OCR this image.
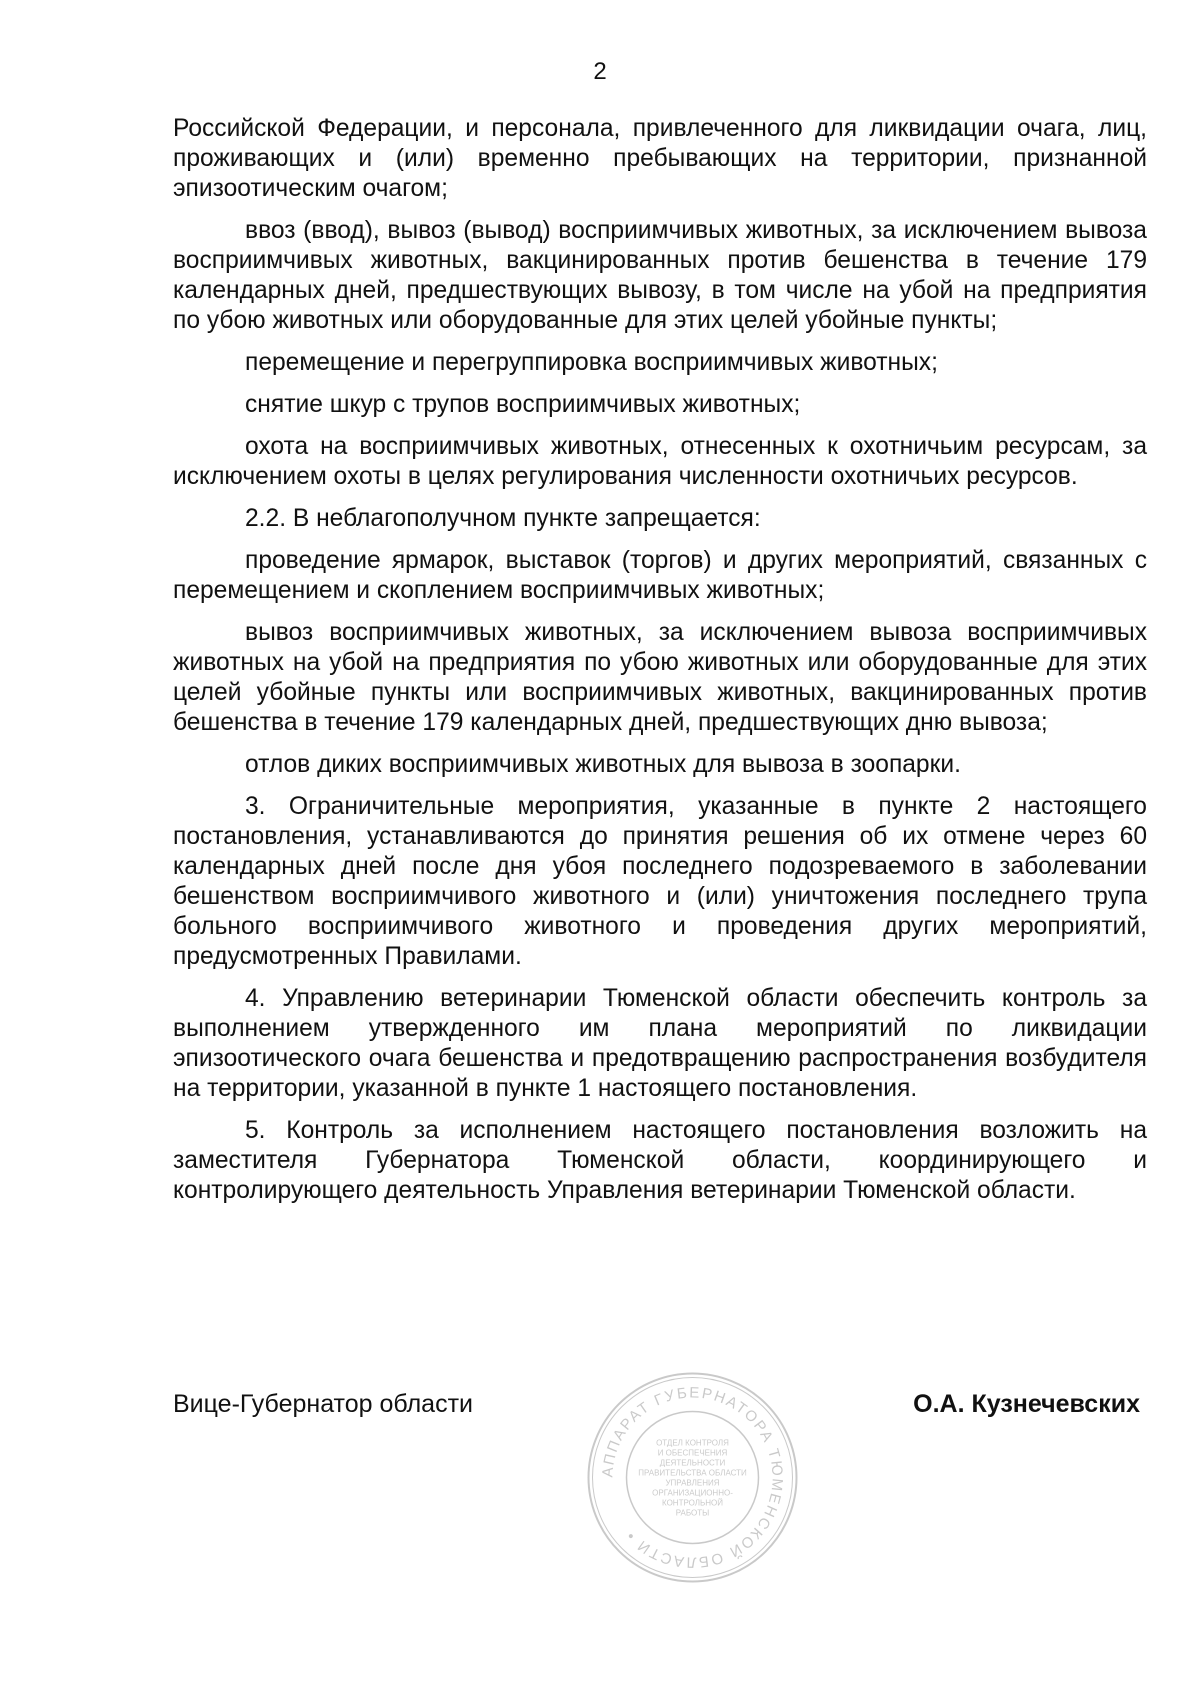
2

Российской Федерации, и персонала, привлеченного для ликвидации очага, лиц, проживающих и (или) временно пребывающих на территории, признанной эпизоотическим очагом;

ввоз (ввод), вывоз (вывод) восприимчивых животных, за исключением вывоза восприимчивых животных, вакцинированных против бешенства в течение 179 календарных дней, предшествующих вывозу, в том числе на убой на предприятия по убою животных или оборудованные для этих целей убойные пункты;

перемещение и перегруппировка восприимчивых животных;

снятие шкур с трупов восприимчивых животных;

охота на восприимчивых животных, отнесенных к охотничьим ресурсам, за исключением охоты в целях регулирования численности охотничьих ресурсов.

2.2. В неблагополучном пункте запрещается:

проведение ярмарок, выставок (торгов) и других мероприятий, связанных с перемещением и скоплением восприимчивых животных;

вывоз восприимчивых животных, за исключением вывоза восприимчивых животных на убой на предприятия по убою животных или оборудованные для этих целей убойные пункты или восприимчивых животных, вакцинированных против бешенства в течение 179 календарных дней, предшествующих дню вывоза;

отлов диких восприимчивых животных для вывоза в зоопарки.

3. Ограничительные мероприятия, указанные в пункте 2 настоящего постановления, устанавливаются до принятия решения об их отмене через 60 календарных дней после дня убоя последнего подозреваемого в заболевании бешенством восприимчивого животного и (или) уничтожения последнего трупа больного восприимчивого животного и проведения других мероприятий, предусмотренных Правилами.

4. Управлению ветеринарии Тюменской области обеспечить контроль за выполнением утвержденного им плана мероприятий по ликвидации эпизоотического очага бешенства и предотвращению распространения возбудителя на территории, указанной в пункте 1 настоящего постановления.

5. Контроль за исполнением настоящего постановления возложить на заместителя Губернатора Тюменской области, координирующего и контролирующего деятельность Управления ветеринарии Тюменской области.

Вице-Губернатор области
АППАРАТ ГУБЕРНАТОРА ТЮМЕНСКОЙ ОБЛАСТИ •
ОТДЕЛ КОНТРОЛЯ
И ОБЕСПЕЧЕНИЯ
ДЕЯТЕЛЬНОСТИ
ПРАВИТЕЛЬСТВА ОБЛАСТИ
УПРАВЛЕНИЯ
ОРГАНИЗАЦИОННО-
КОНТРОЛЬНОЙ
РАБОТЫ
О.А. Кузнечевских
